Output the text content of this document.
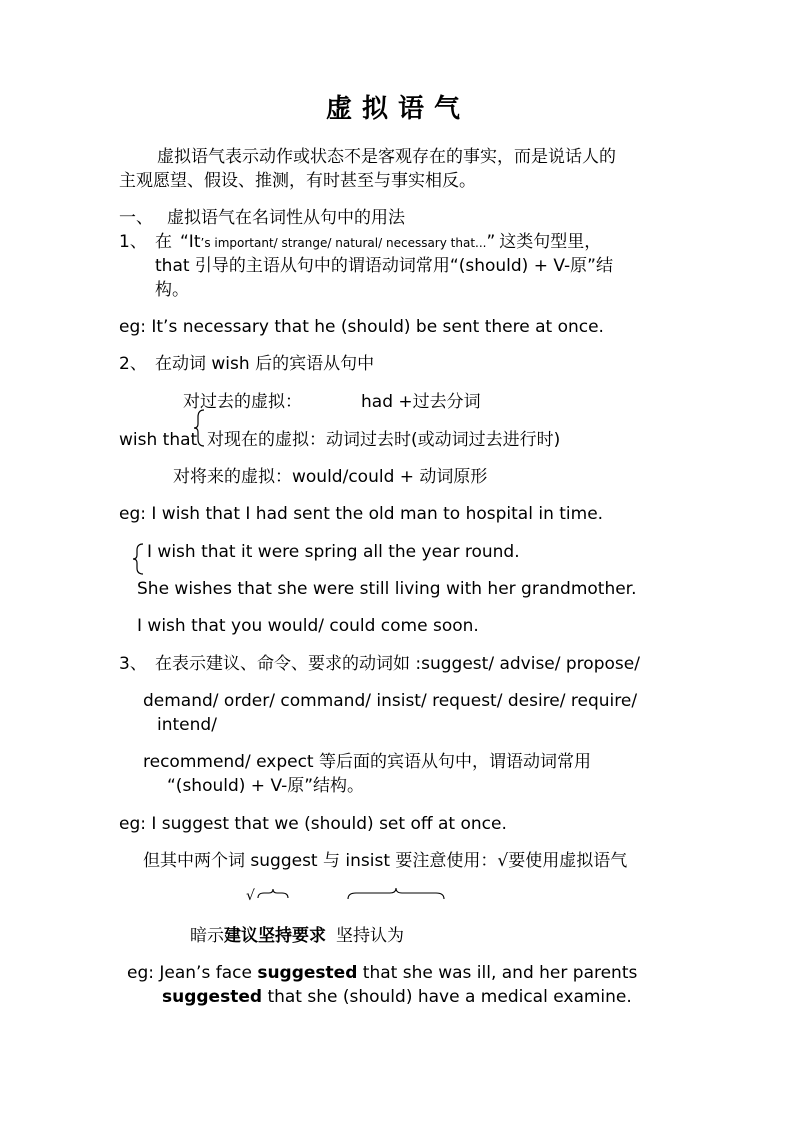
虚拟语气
虚拟语气表示动作或状态不是客观存在的事实，而是说话人的
主观愿望、假设、推测，有时甚至与事实相反。
一、 虚拟语气在名词性从句中的用法
1、 在 “It’s important/ strange/ natural/ necessary that...” 这类句型里，
that 引导的主语从句中的谓语动词常用“(should) + V-原”结
构。
eg: It’s necessary that he (should) be sent there at once.
2、 在动词 wish 后的宾语从句中
对过去的虚拟：	had +过去分词
wish that 对现在的虚拟：动词过去时(或动词过去进行时)
对将来的虚拟：would/could + 动词原形
eg: I wish that I had sent the old man to hospital in time.
I wish that it were spring all the year round.
She wishes that she were still living with her grandmother.
I wish that you would/ could come soon.
3、 在表示建议、命令、要求的动词如 :suggest/ advise/ propose/
demand/ order/ command/ insist/ request/ desire/ require/
intend/
recommend/ expect 等后面的宾语从句中，谓语动词常用
“(should) + V-原”结构。
eg: I suggest that we (should) set off at once.
但其中两个词 suggest 与 insist 要注意使用：√要使用虚拟语气
√
暗示建议坚持要求 坚持认为
eg: Jean’s face suggested that she was ill, and her parents
suggested that she (should) have a medical examine.
